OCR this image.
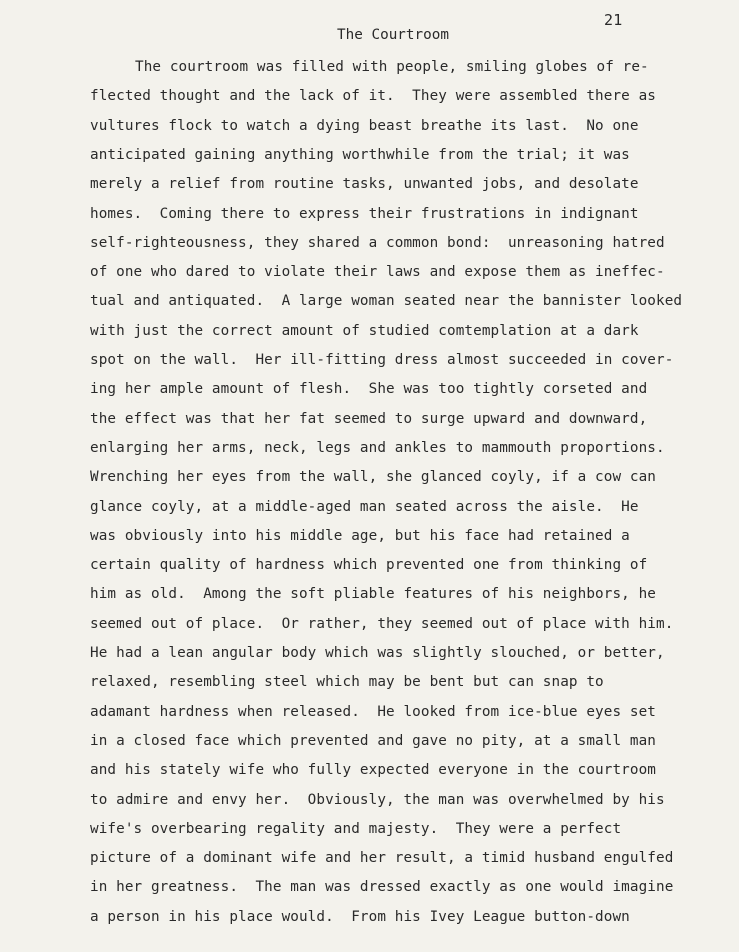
21
The Courtroom
The courtroom was filled with people, smiling globes of re-
flected thought and the lack of it.  They were assembled there as
vultures flock to watch a dying beast breathe its last.  No one
anticipated gaining anything worthwhile from the trial; it was
merely a relief from routine tasks, unwanted jobs, and desolate
homes.  Coming there to express their frustrations in indignant
self-righteousness, they shared a common bond:  unreasoning hatred
of one who dared to violate their laws and expose them as ineffec-
tual and antiquated.  A large woman seated near the bannister looked
with just the correct amount of studied comtemplation at a dark
spot on the wall.  Her ill-fitting dress almost succeeded in cover-
ing her ample amount of flesh.  She was too tightly corseted and
the effect was that her fat seemed to surge upward and downward,
enlarging her arms, neck, legs and ankles to mammouth proportions.
Wrenching her eyes from the wall, she glanced coyly, if a cow can
glance coyly, at a middle-aged man seated across the aisle.  He
was obviously into his middle age, but his face had retained a
certain quality of hardness which prevented one from thinking of
him as old.  Among the soft pliable features of his neighbors, he
seemed out of place.  Or rather, they seemed out of place with him.
He had a lean angular body which was slightly slouched, or better,
relaxed, resembling steel which may be bent but can snap to
adamant hardness when released.  He looked from ice-blue eyes set
in a closed face which prevented and gave no pity, at a small man
and his stately wife who fully expected everyone in the courtroom
to admire and envy her.  Obviously, the man was overwhelmed by his
wife's overbearing regality and majesty.  They were a perfect
picture of a dominant wife and her result, a timid husband engulfed
in her greatness.  The man was dressed exactly as one would imagine
a person in his place would.  From his Ivey League button-down
